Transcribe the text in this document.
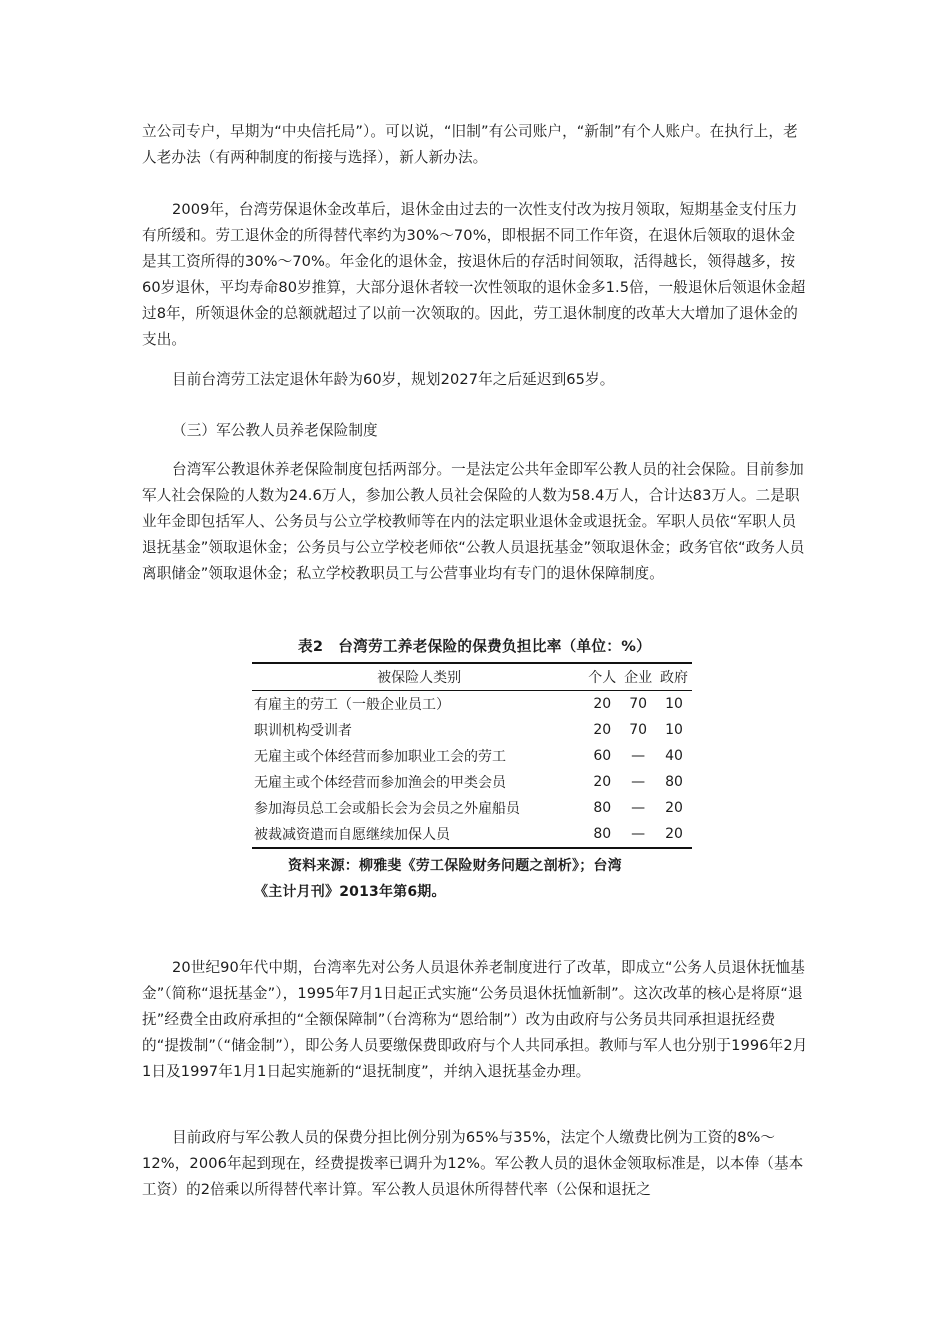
立公司专户，早期为“中央信托局”）。可以说，“旧制”有公司账户，“新制”有个人账户。在执行上，老人老办法（有两种制度的衔接与选择），新人新办法。

2009年，台湾劳保退休金改革后，退休金由过去的一次性支付改为按月领取，短期基金支付压力有所缓和。劳工退休金的所得替代率约为30%～70%，即根据不同工作年资，在退休后领取的退休金是其工资所得的30%～70%。年金化的退休金，按退休后的存活时间领取，活得越长，领得越多，按60岁退休，平均寿命80岁推算，大部分退休者较一次性领取的退休金多1.5倍，一般退休后领退休金超过8年，所领退休金的总额就超过了以前一次领取的。因此，劳工退休制度的改革大大增加了退休金的支出。

目前台湾劳工法定退休年龄为60岁，规划2027年之后延迟到65岁。

（三）军公教人员养老保险制度

台湾军公教退休养老保险制度包括两部分。一是法定公共年金即军公教人员的社会保险。目前参加军人社会保险的人数为24.6万人，参加公教人员社会保险的人数为58.4万人，合计达83万人。二是职业年金即包括军人、公务员与公立学校教师等在内的法定职业退休金或退抚金。军职人员依“军职人员退抚基金”领取退休金；公务员与公立学校老师依“公教人员退抚基金”领取退休金；政务官依“政务人员离职储金”领取退休金；私立学校教职员工与公营事业均有专门的退休保障制度。

表2　台湾劳工养老保险的保费负担比率（单位：%）
被保险人类别	个人	企业	政府
有雇主的劳工（一般企业员工）	20	70	10
职训机构受训者	20	70	10
无雇主或个体经营而参加职业工会的劳工	60	—	40
无雇主或个体经营而参加渔会的甲类会员	20	—	80
参加海员总工会或船长会为会员之外雇船员	80	—	20
被裁减资遣而自愿继续加保人员	80	—	20
资料来源：柳雅斐《劳工保险财务问题之剖析》；台湾
《主计月刊》2013年第6期。

20世纪90年代中期，台湾率先对公务人员退休养老制度进行了改革，即成立“公务人员退休抚恤基金”（简称“退抚基金”），1995年7月1日起正式实施“公务员退休抚恤新制”。这次改革的核心是将原“退抚”经费全由政府承担的“全额保障制”（台湾称为“恩给制”）改为由政府与公务员共同承担退抚经费的“提拨制”（“储金制”），即公务人员要缴保费即政府与个人共同承担。教师与军人也分别于1996年2月1日及1997年1月1日起实施新的“退抚制度”，并纳入退抚基金办理。

目前政府与军公教人员的保费分担比例分别为65%与35%，法定个人缴费比例为工资的8%～12%，2006年起到现在，经费提拨率已调升为12%。军公教人员的退休金领取标准是，以本俸（基本工资）的2倍乘以所得替代率计算。军公教人员退休所得替代率（公保和退抚之
